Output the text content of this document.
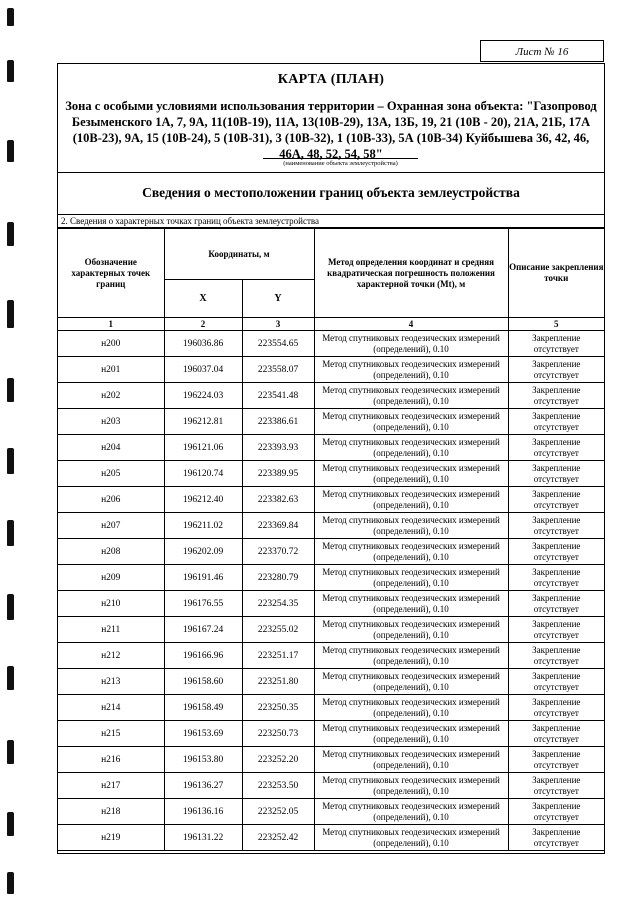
Лист № 16
КАРТА (ПЛАН)
Зона с особыми условиями использования территории – Охранная зона объекта: "Газопровод Безыменского 1А, 7, 9А, 11(10В-19), 11А, 13(10В-29), 13А, 13Б, 19, 21 (10В - 20), 21А, 21Б, 17А (10В-23), 9А, 15 (10В-24), 5 (10В-31), 3 (10В-32), 1 (10В-33), 5А (10В-34) Куйбышева 36, 42, 46, 46А, 48, 52, 54, 58"
(наименование объекта землеустройства)
Сведения о местоположении границ объекта землеустройства
2. Сведения о характерных точках границ объекта землеустройства
Обозначение характерных точек границ	Координаты, м		Метод определения координат и средняя квадратическая погрешность положения характерной точки (Mt), м	Описание закрепления точки
	X	Y		
1	2	3	4	5
н200	196036.86	223554.65	Метод спутниковых геодезических измерений (определений), 0.10	Закрепление отсутствует
н201	196037.04	223558.07	Метод спутниковых геодезических измерений (определений), 0.10	Закрепление отсутствует
н202	196224.03	223541.48	Метод спутниковых геодезических измерений (определений), 0.10	Закрепление отсутствует
н203	196212.81	223386.61	Метод спутниковых геодезических измерений (определений), 0.10	Закрепление отсутствует
н204	196121.06	223393.93	Метод спутниковых геодезических измерений (определений), 0.10	Закрепление отсутствует
н205	196120.74	223389.95	Метод спутниковых геодезических измерений (определений), 0.10	Закрепление отсутствует
н206	196212.40	223382.63	Метод спутниковых геодезических измерений (определений), 0.10	Закрепление отсутствует
н207	196211.02	223369.84	Метод спутниковых геодезических измерений (определений), 0.10	Закрепление отсутствует
н208	196202.09	223370.72	Метод спутниковых геодезических измерений (определений), 0.10	Закрепление отсутствует
н209	196191.46	223280.79	Метод спутниковых геодезических измерений (определений), 0.10	Закрепление отсутствует
н210	196176.55	223254.35	Метод спутниковых геодезических измерений (определений), 0.10	Закрепление отсутствует
н211	196167.24	223255.02	Метод спутниковых геодезических измерений (определений), 0.10	Закрепление отсутствует
н212	196166.96	223251.17	Метод спутниковых геодезических измерений (определений), 0.10	Закрепление отсутствует
н213	196158.60	223251.80	Метод спутниковых геодезических измерений (определений), 0.10	Закрепление отсутствует
н214	196158.49	223250.35	Метод спутниковых геодезических измерений (определений), 0.10	Закрепление отсутствует
н215	196153.69	223250.73	Метод спутниковых геодезических измерений (определений), 0.10	Закрепление отсутствует
н216	196153.80	223252.20	Метод спутниковых геодезических измерений (определений), 0.10	Закрепление отсутствует
н217	196136.27	223253.50	Метод спутниковых геодезических измерений (определений), 0.10	Закрепление отсутствует
н218	196136.16	223252.05	Метод спутниковых геодезических измерений (определений), 0.10	Закрепление отсутствует
н219	196131.22	223252.42	Метод спутниковых геодезических измерений (определений), 0.10	Закрепление отсутствует
